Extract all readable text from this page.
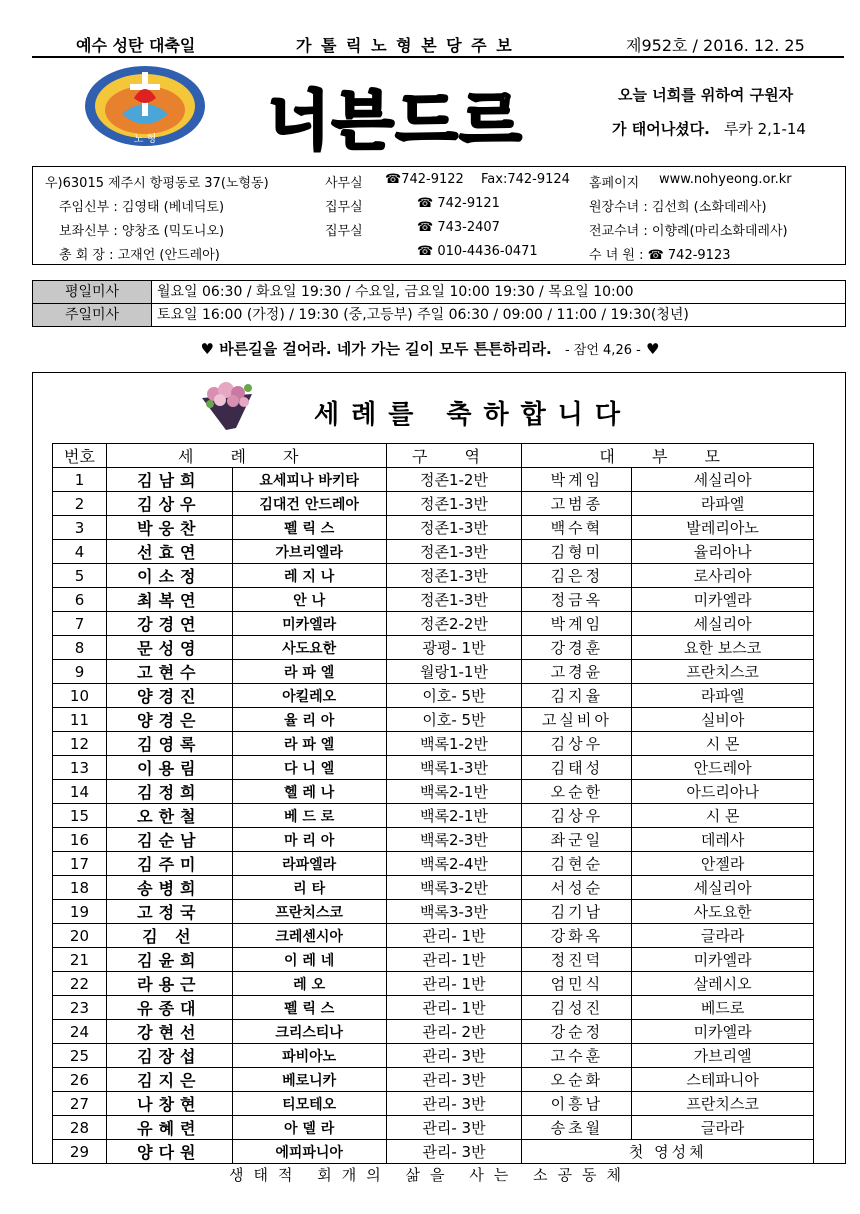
예수 성탄 대축일	가 톨 릭 노 형 본 당 주 보	제952호 / 2016. 12. 25
노 형 너븐드르	오늘 너희를 위하여 구원자
가 태어나셨다. 루카 2,1-14
우)63015 제주시 항평동로 37(노형동)	사무실 ☎742-9122 Fax:742-9124 홈페이지 www.nohyeong.or.kr
주임신부 : 김영태 (베네딕토)	집무실	☎ 742-9121	원장수녀 : 김선희 (소화데레사)
보좌신부 : 양창조 (믹도니오)	집무실	☎ 743-2407	전교수녀 : 이향례(마리소화데레사)
총 회 장 : 고재언 (안드레아)	☎ 010-4436-0471	수 녀 원 : ☎ 742-9123
평일미사	월요일 06:30 / 화요일 19:30 / 수요일, 금요일 10:00 19:30 / 목요일 10:00
주일미사	토요일 16:00 (가정) / 19:30 (중,고등부) 주일 06:30 / 09:00 / 11:00 / 19:30(청년)
♥ 바른길을 걸어라. 네가 가는 길이 모두 튼튼하리라. - 잠언 4,26 - ♥
세례를 축하합니다
번호	세 례 자		구 역	대 부 모	
1	김남희	요세피나 바키타	정존1-2반	박계임	세실리아
2	김상우	김대건 안드레아	정존1-3반	고범종	라파엘
3	박웅찬	펠 릭 스	정존1-3반	백수혁	발레리아노
4	선효연	가브리엘라	정존1-3반	김형미	율리아나
5	이소정	레 지 나	정존1-3반	김은정	로사리아
6	최복연	안 나	정존1-3반	정금옥	미카엘라
7	강경연	미카엘라	정존2-2반	박계임	세실리아
8	문성영	사도요한	광평- 1반	강경훈	요한 보스코
9	고현수	라 파 엘	월랑1-1반	고경윤	프란치스코
10	양경진	아킬레오	이호- 5반	김지율	라파엘
11	양경은	율 리 아	이호- 5반	고실비아	실비아
12	김영록	라 파 엘	백록1-2반	김상우	시 몬
13	이용림	다 니 엘	백록1-3반	김태성	안드레아
14	김정희	헬 레 나	백록2-1반	오순한	아드리아나
15	오한철	베 드 로	백록2-1반	김상우	시 몬
16	김순남	마 리 아	백록2-3반	좌군일	데레사
17	김주미	라파엘라	백록2-4반	김현순	안젤라
18	송병희	리 타	백록3-2반	서성순	세실리아
19	고정국	프란치스코	백록3-3반	김기남	사도요한
20	김 선	크레센시아	관리- 1반	강화옥	글라라
21	김윤희	이 레 네	관리- 1반	정진덕	미카엘라
22	라용근	레 오	관리- 1반	엄민식	살레시오
23	유종대	펠 릭 스	관리- 1반	김성진	베드로
24	강현선	크리스티나	관리- 2반	강순정	미카엘라
25	김장섭	파비아노	관리- 3반	고수훈	가브리엘
26	김지은	베로니카	관리- 3반	오순화	스테파니아
27	나창현	티모테오	관리- 3반	이흥남	프란치스코
28	유혜련	아 델 라	관리- 3반	송초월	글라라
29	양다원	에피파니아	관리- 3반	첫 영성체	
생태적 회개의 삶을 사는 소공동체
